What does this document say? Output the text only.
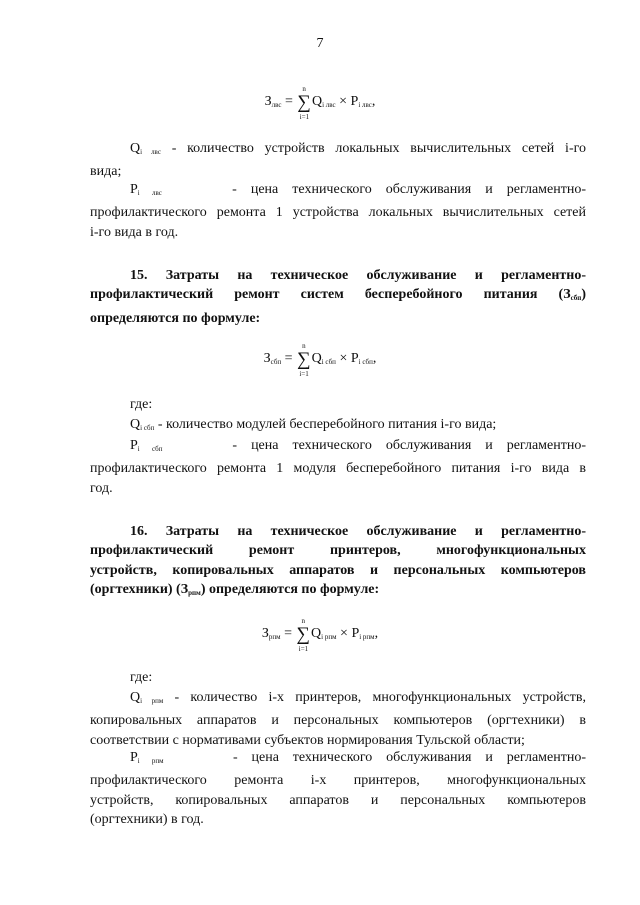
7
$З_{лвс}$ = ∑
n
i=1
$Q_{i лвс} \times P_{i лвс}$,
Qi лвс - количество устройств локальных вычислительных сетей i-го
вида;
Pi лвс	- цена технического обслуживания и регламентно-
профилактического ремонта 1 устройства локальных вычислительных сетей
i-го вида в год.
15. Затраты на техническое обслуживание и регламентно-
профилактический ремонт систем бесперебойного питания (Зсбп)
определяются по формуле:
$З_{сбп}$ = ∑
n
i=1
$Q_{i сбп} \times P_{i сбп}$,
где:
Qi сбп - количество модулей бесперебойного питания i-го вида;
Pi сбп	- цена технического обслуживания и регламентно-
профилактического ремонта 1 модуля бесперебойного питания i-го вида в
год.
16. Затраты на техническое обслуживание и регламентно-
профилактический ремонт принтеров, многофункциональных
устройств, копировальных аппаратов и персональных компьютеров
(оргтехники) (Зрпм) определяются по формуле:
$З_{рпм}$ = ∑
n
i=1
$Q_{i рпм} \times P_{i рпм}$,
где:
Qi рпм - количество i-х принтеров, многофункциональных устройств,
копировальных аппаратов и персональных компьютеров (оргтехники) в
соответствии с нормативами субъектов нормирования Тульской области;
Pi рпм	- цена технического обслуживания и регламентно-
профилактического ремонта i-х принтеров, многофункциональных
устройств, копировальных аппаратов и персональных компьютеров
(оргтехники) в год.
